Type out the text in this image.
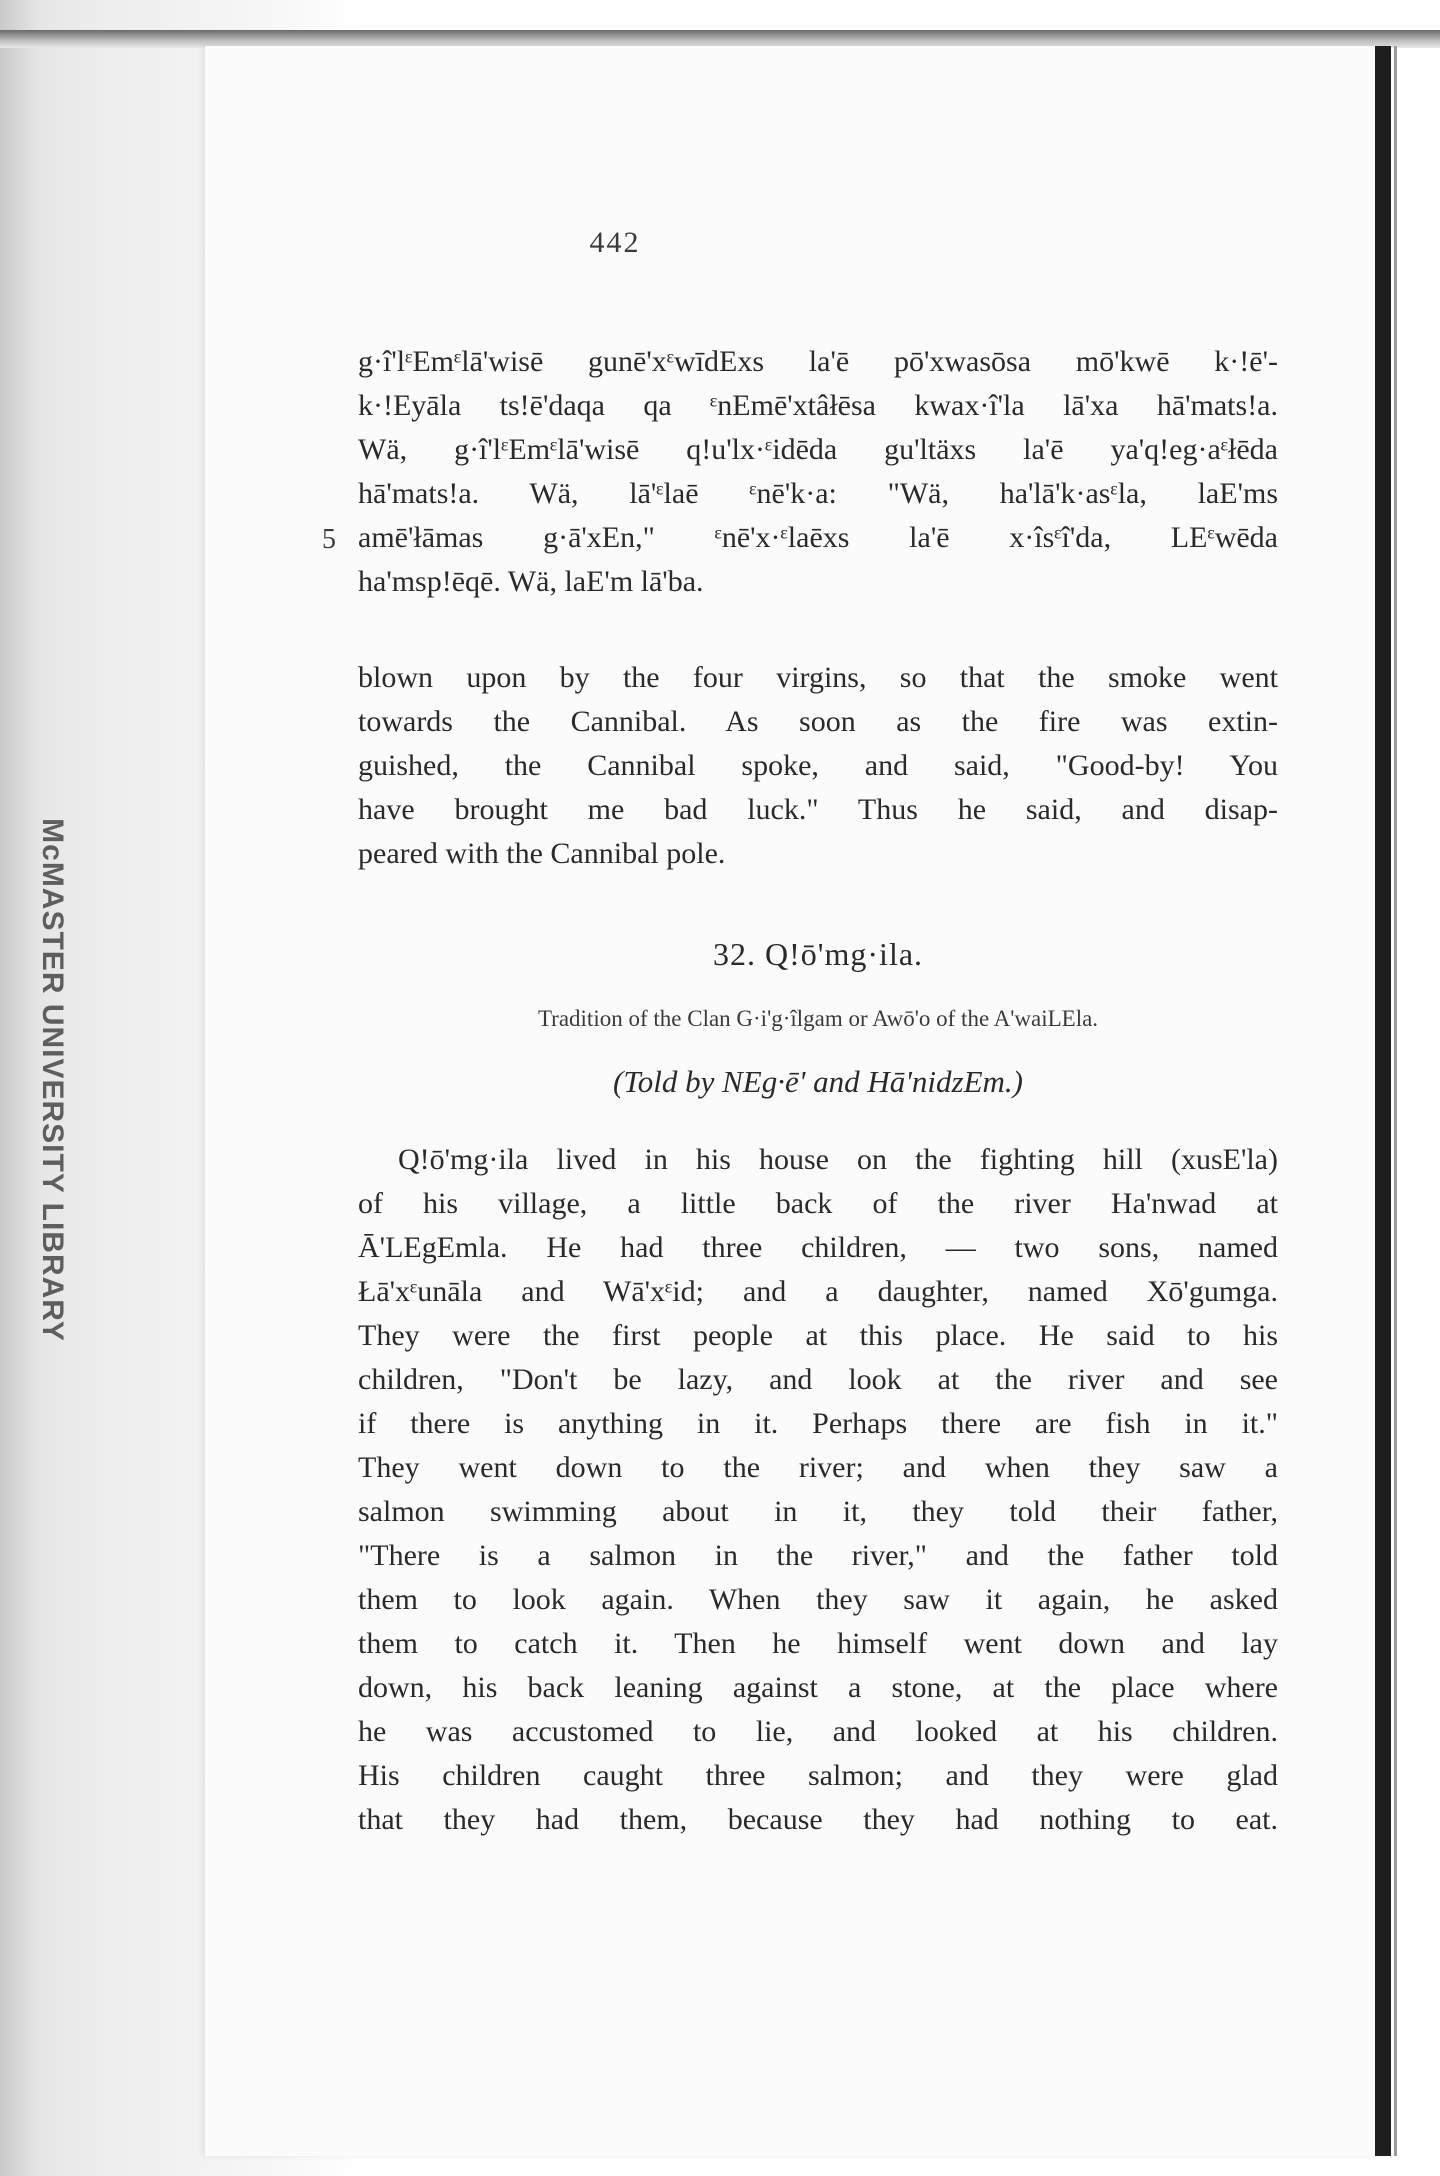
McMASTER UNIVERSITY LIBRARY
442
5
g·î'lᵋEmᵋlā'wisē gunē'xᵋwīdExs la'ē pō'xwasōsa mō'kwē k·!ē'-
k·!Eyāla ts!ē'daqa qa ᵋnEmē'xtâłēsa kwax·î'la lā'xa hā'mats!a.
Wä, g·î'lᵋEmᵋlā'wisē q!u'lx·ᵋidēda gu'ltäxs la'ē ya'q!eg·aᵋłēda
hā'mats!a. Wä, lā'ᵋlaē ᵋnē'k·a: "Wä, ha'lā'k·asᵋla, laE'ms
amē'łāmas g·ā'xEn," ᵋnē'x·ᵋlaēxs la'ē x·îsᵋî'da, LEᵋwēda
ha'msp!ēqē. Wä, laE'm lā'ba.
blown upon by the four virgins, so that the smoke went
towards the Cannibal. As soon as the fire was extin-
guished, the Cannibal spoke, and said, "Good-by! You
have brought me bad luck." Thus he said, and disap-
peared with the Cannibal pole.
32. Q!ō'mg·ila.
Tradition of the Clan G·i'g·îlgam or Awō'o of the A'waiLEla.
(Told by NEg·ē' and Hā'nidzEm.)
Q!ō'mg·ila lived in his house on the fighting hill (xusE'la)
of his village, a little back of the river Ha'nwad at
Ā'LEgEmla. He had three children, — two sons, named
Łā'xᵋunāla and Wā'xᵋid; and a daughter, named Xō'gumga.
They were the first people at this place. He said to his
children, "Don't be lazy, and look at the river and see
if there is anything in it. Perhaps there are fish in it."
They went down to the river; and when they saw a
salmon swimming about in it, they told their father,
"There is a salmon in the river," and the father told
them to look again. When they saw it again, he asked
them to catch it. Then he himself went down and lay
down, his back leaning against a stone, at the place where
he was accustomed to lie, and looked at his children.
His children caught three salmon; and they were glad
that they had them, because they had nothing to eat.
